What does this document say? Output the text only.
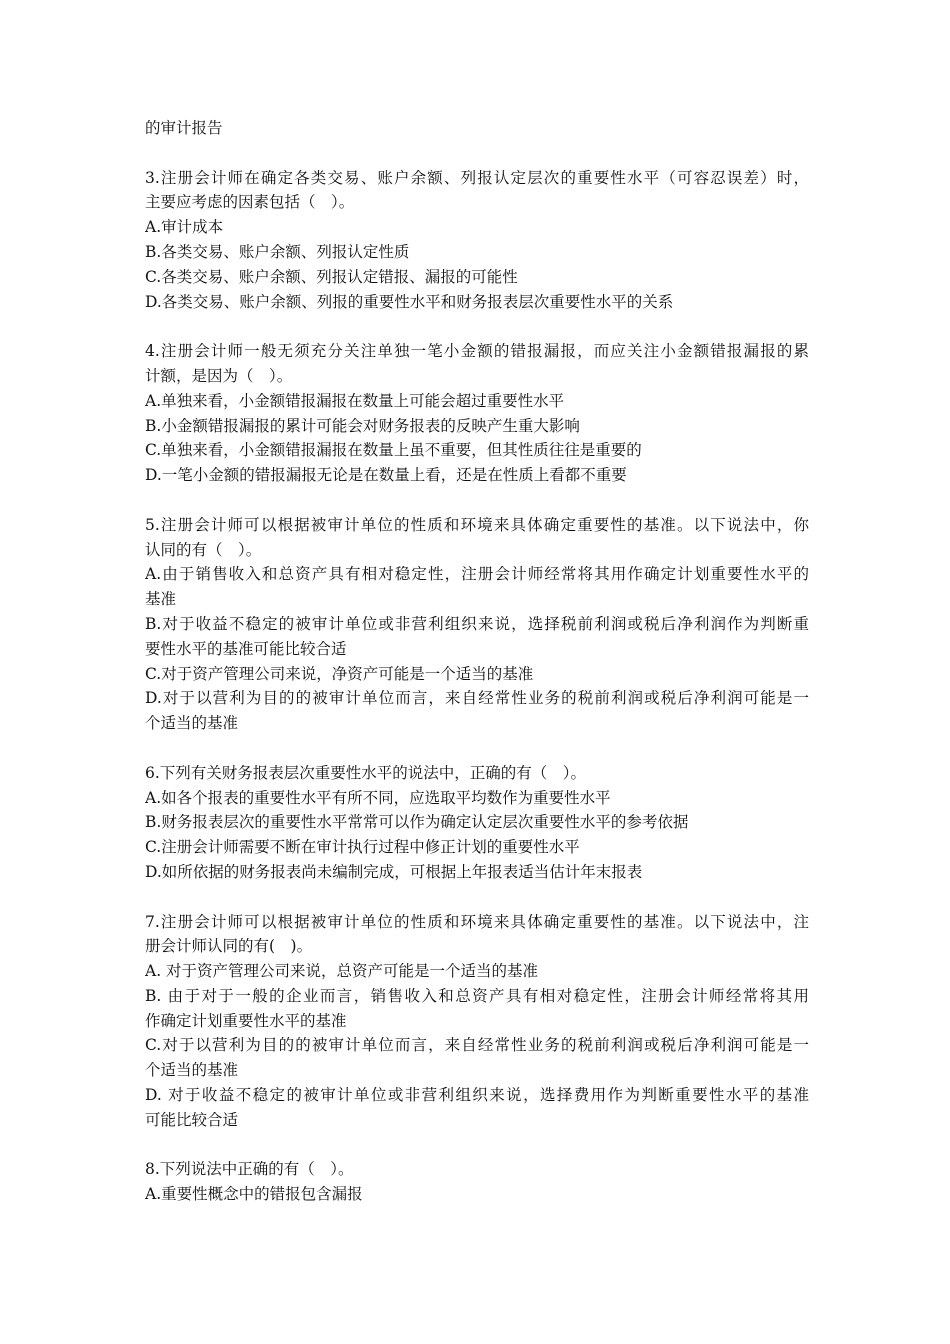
的审计报告
3.注册会计师在确定各类交易、账户余额、列报认定层次的重要性水平（可容忍误差）时，
主要应考虑的因素包括（　）。
A.审计成本
B.各类交易、账户余额、列报认定性质
C.各类交易、账户余额、列报认定错报、漏报的可能性
D.各类交易、账户余额、列报的重要性水平和财务报表层次重要性水平的关系
4.注册会计师一般无须充分关注单独一笔小金额的错报漏报，而应关注小金额错报漏报的累
计额，是因为（　）。
A.单独来看，小金额错报漏报在数量上可能会超过重要性水平
B.小金额错报漏报的累计可能会对财务报表的反映产生重大影响
C.单独来看，小金额错报漏报在数量上虽不重要，但其性质往往是重要的
D.一笔小金额的错报漏报无论是在数量上看，还是在性质上看都不重要
5.注册会计师可以根据被审计单位的性质和环境来具体确定重要性的基准。以下说法中，你
认同的有（　）。
A.由于销售收入和总资产具有相对稳定性，注册会计师经常将其用作确定计划重要性水平的
基准
B.对于收益不稳定的被审计单位或非营利组织来说，选择税前利润或税后净利润作为判断重
要性水平的基准可能比较合适
C.对于资产管理公司来说，净资产可能是一个适当的基准
D.对于以营利为目的的被审计单位而言，来自经常性业务的税前利润或税后净利润可能是一
个适当的基准
6.下列有关财务报表层次重要性水平的说法中，正确的有（　）。
A.如各个报表的重要性水平有所不同，应选取平均数作为重要性水平
B.财务报表层次的重要性水平常常可以作为确定认定层次重要性水平的参考依据
C.注册会计师需要不断在审计执行过程中修正计划的重要性水平
D.如所依据的财务报表尚未编制完成，可根据上年报表适当估计年末报表
7.注册会计师可以根据被审计单位的性质和环境来具体确定重要性的基准。以下说法中，注
册会计师认同的有(　)。
A. 对于资产管理公司来说，总资产可能是一个适当的基准
B. 由于对于一般的企业而言，销售收入和总资产具有相对稳定性，注册会计师经常将其用
作确定计划重要性水平的基准
C.对于以营利为目的的被审计单位而言，来自经常性业务的税前利润或税后净利润可能是一
个适当的基准
D. 对于收益不稳定的被审计单位或非营利组织来说，选择费用作为判断重要性水平的基准
可能比较合适
8.下列说法中正确的有（　）。
A.重要性概念中的错报包含漏报
